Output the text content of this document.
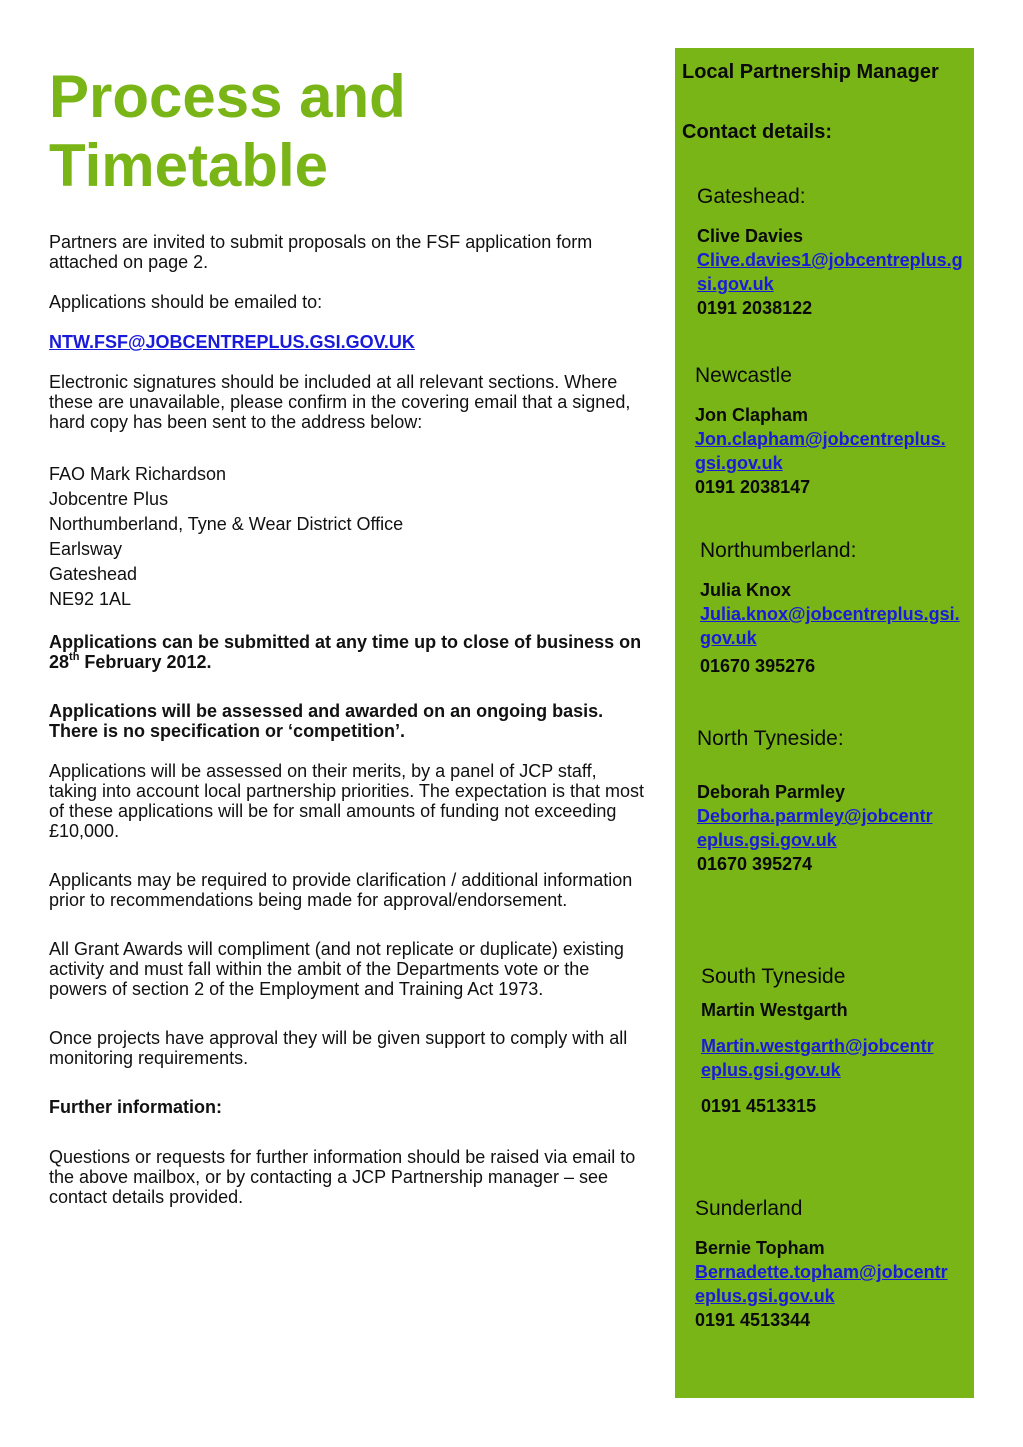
Process and
Timetable

Partners are invited to submit proposals on the FSF application form attached on page 2.

Applications should be emailed to:

NTW.FSF@JOBCENTREPLUS.GSI.GOV.UK

Electronic signatures should be included at all relevant sections. Where these are unavailable, please confirm in the covering email that a signed, hard copy has been sent to the address below:

FAO Mark Richardson
Jobcentre Plus
Northumberland, Tyne & Wear District Office
Earlsway
Gateshead
NE92 1AL

Applications can be submitted at any time up to close of business on 28th February 2012.

Applications will be assessed and awarded on an ongoing basis. There is no specification or ‘competition’.

Applications will be assessed on their merits, by a panel of JCP staff, taking into account local partnership priorities. The expectation is that most of these applications will be for small amounts of funding not exceeding £10,000.

Applicants may be required to provide clarification / additional information prior to recommendations being made for approval/endorsement.

All Grant Awards will compliment (and not replicate or duplicate) existing activity and must fall within the ambit of the Departments vote or the powers of section 2 of the Employment and Training Act 1973.

Once projects have approval they will be given support to comply with all monitoring requirements.

Further information:

Questions or requests for further information should be raised via email to the above mailbox, or by contacting a JCP Partnership manager – see contact details provided.

Local Partnership Manager
Contact details:
Gateshead:
Clive Davies
Clive.davies1@jobcentreplus.gsi.gov.uk
0191 2038122
Newcastle
Jon Clapham
Jon.clapham@jobcentreplus.gsi.gov.uk
0191 2038147
Northumberland:
Julia Knox
Julia.knox@jobcentreplus.gsi.gov.uk
01670 395276
North Tyneside:
Deborah Parmley
Deborha.parmley@jobcentreplus.gsi.gov.uk
01670 395274
South Tyneside
Martin Westgarth
Martin.westgarth@jobcentreplus.gsi.gov.uk
0191 4513315
Sunderland
Bernie Topham
Bernadette.topham@jobcentreplus.gsi.gov.uk
0191 4513344
